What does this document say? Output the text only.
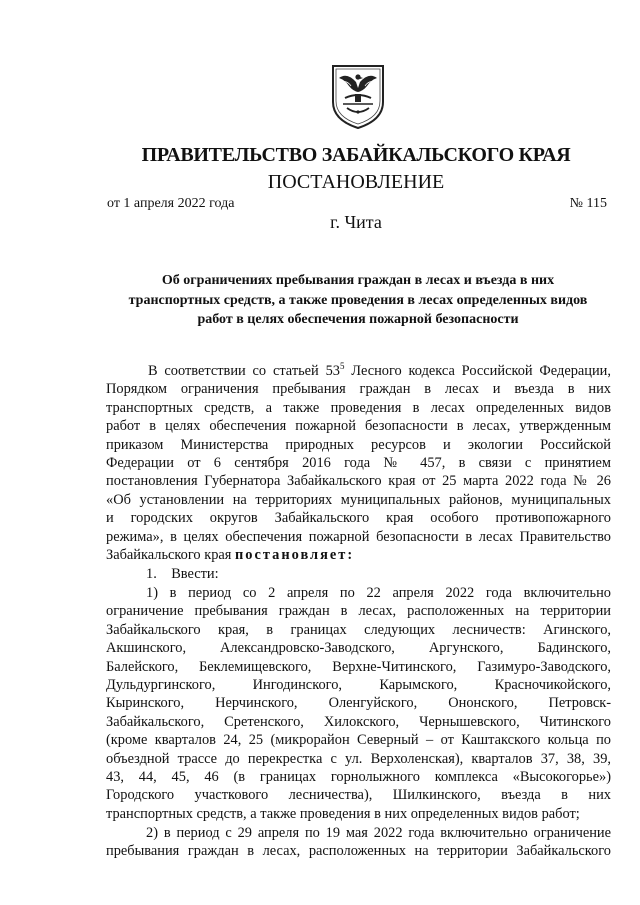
ПРАВИТЕЛЬСТВО ЗАБАЙКАЛЬСКОГО КРАЯ
ПОСТАНОВЛЕНИЕ
от 1 апреля 2022 года	№ 115
г. Чита
Об ограничениях пребывания граждан в лесах и въезда в них
транспортных средств, а также проведения в лесах определенных видов
работ в целях обеспечения пожарной безопасности
В соответствии со статьей $53^5$ Лесного кодекса Российской Федерации,
Порядком ограничения пребывания граждан в лесах и въезда в них
транспортных средств, а также проведения в лесах определенных видов
работ в целях обеспечения пожарной безопасности в лесах, утвержденным
приказом Министерства природных ресурсов и экологии Российской
Федерации от 6 сентября 2016 года № 457, в связи с принятием
постановления Губернатора Забайкальского края от 25 марта 2022 года № 26
«Об установлении на территориях муниципальных районов, муниципальных
и городских округов Забайкальского края особого противопожарного
режима», в целях обеспечения пожарной безопасности в лесах Правительство
Забайкальского края постановляет:
1. Ввести:
1) в период со 2 апреля по 22 апреля 2022 года включительно
ограничение пребывания граждан в лесах, расположенных на территории
Забайкальского края, в границах следующих лесничеств: Агинского,
Акшинского, Александровско-Заводского, Аргунского, Бадинского,
Балейского, Беклемищевского, Верхне-Читинского, Газимуро-Заводского,
Дульдургинского, Ингодинского, Карымского, Красночикойского,
Кыринского, Нерчинского, Оленгуйского, Ононского, Петровск-
Забайкальского, Сретенского, Хилокского, Чернышевского, Читинского
(кроме кварталов 24, 25 (микрорайон Северный – от Каштакского кольца по
объездной трассе до перекрестка с ул. Верхоленская), кварталов 37, 38, 39,
43, 44, 45, 46 (в границах горнолыжного комплекса «Высокогорье»)
Городского участкового лесничества), Шилкинского, въезда в них
транспортных средств, а также проведения в них определенных видов работ;
2) в период с 29 апреля по 19 мая 2022 года включительно ограничение
пребывания граждан в лесах, расположенных на территории Забайкальского
